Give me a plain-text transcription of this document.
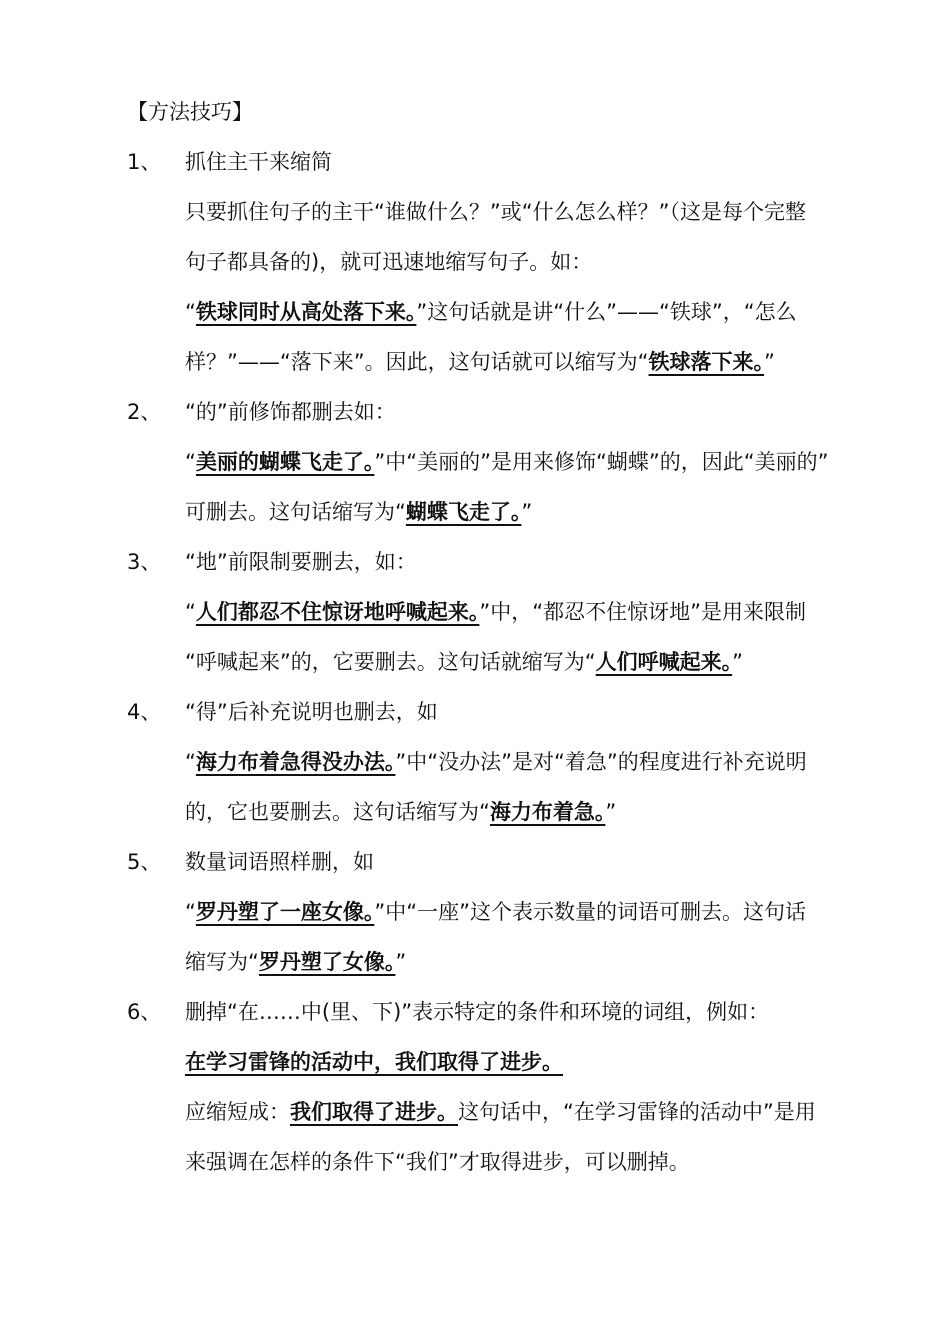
【方法技巧】
1、 抓住主干来缩简
只要抓住句子的主干“谁做什么？”或“什么怎么样？”（这是每个完整
句子都具备的)，就可迅速地缩写句子。如：
“铁球同时从高处落下来。”这句话就是讲“什么”——“铁球”，“怎么
样？”——“落下来”。因此，这句话就可以缩写为“铁球落下来。”
2、 “的”前修饰都删去如：
“美丽的蝴蝶飞走了。”中“美丽的”是用来修饰“蝴蝶”的，因此“美丽的”
可删去。这句话缩写为“蝴蝶飞走了。”
3、 “地”前限制要删去，如：
“人们都忍不住惊讶地呼喊起来。”中，“都忍不住惊讶地”是用来限制
“呼喊起来”的，它要删去。这句话就缩写为“人们呼喊起来。”
4、 “得”后补充说明也删去，如
“海力布着急得没办法。”中“没办法”是对“着急”的程度进行补充说明
的，它也要删去。这句话缩写为“海力布着急。”
5、 数量词语照样删，如
“罗丹塑了一座女像。”中“一座”这个表示数量的词语可删去。这句话
缩写为“罗丹塑了女像。”
6、 删掉“在……中(里、下)”表示特定的条件和环境的词组，例如：
在学习雷锋的活动中，我们取得了进步。
应缩短成：我们取得了进步。这句话中，“在学习雷锋的活动中”是用
来强调在怎样的条件下“我们”才取得进步，可以删掉。
